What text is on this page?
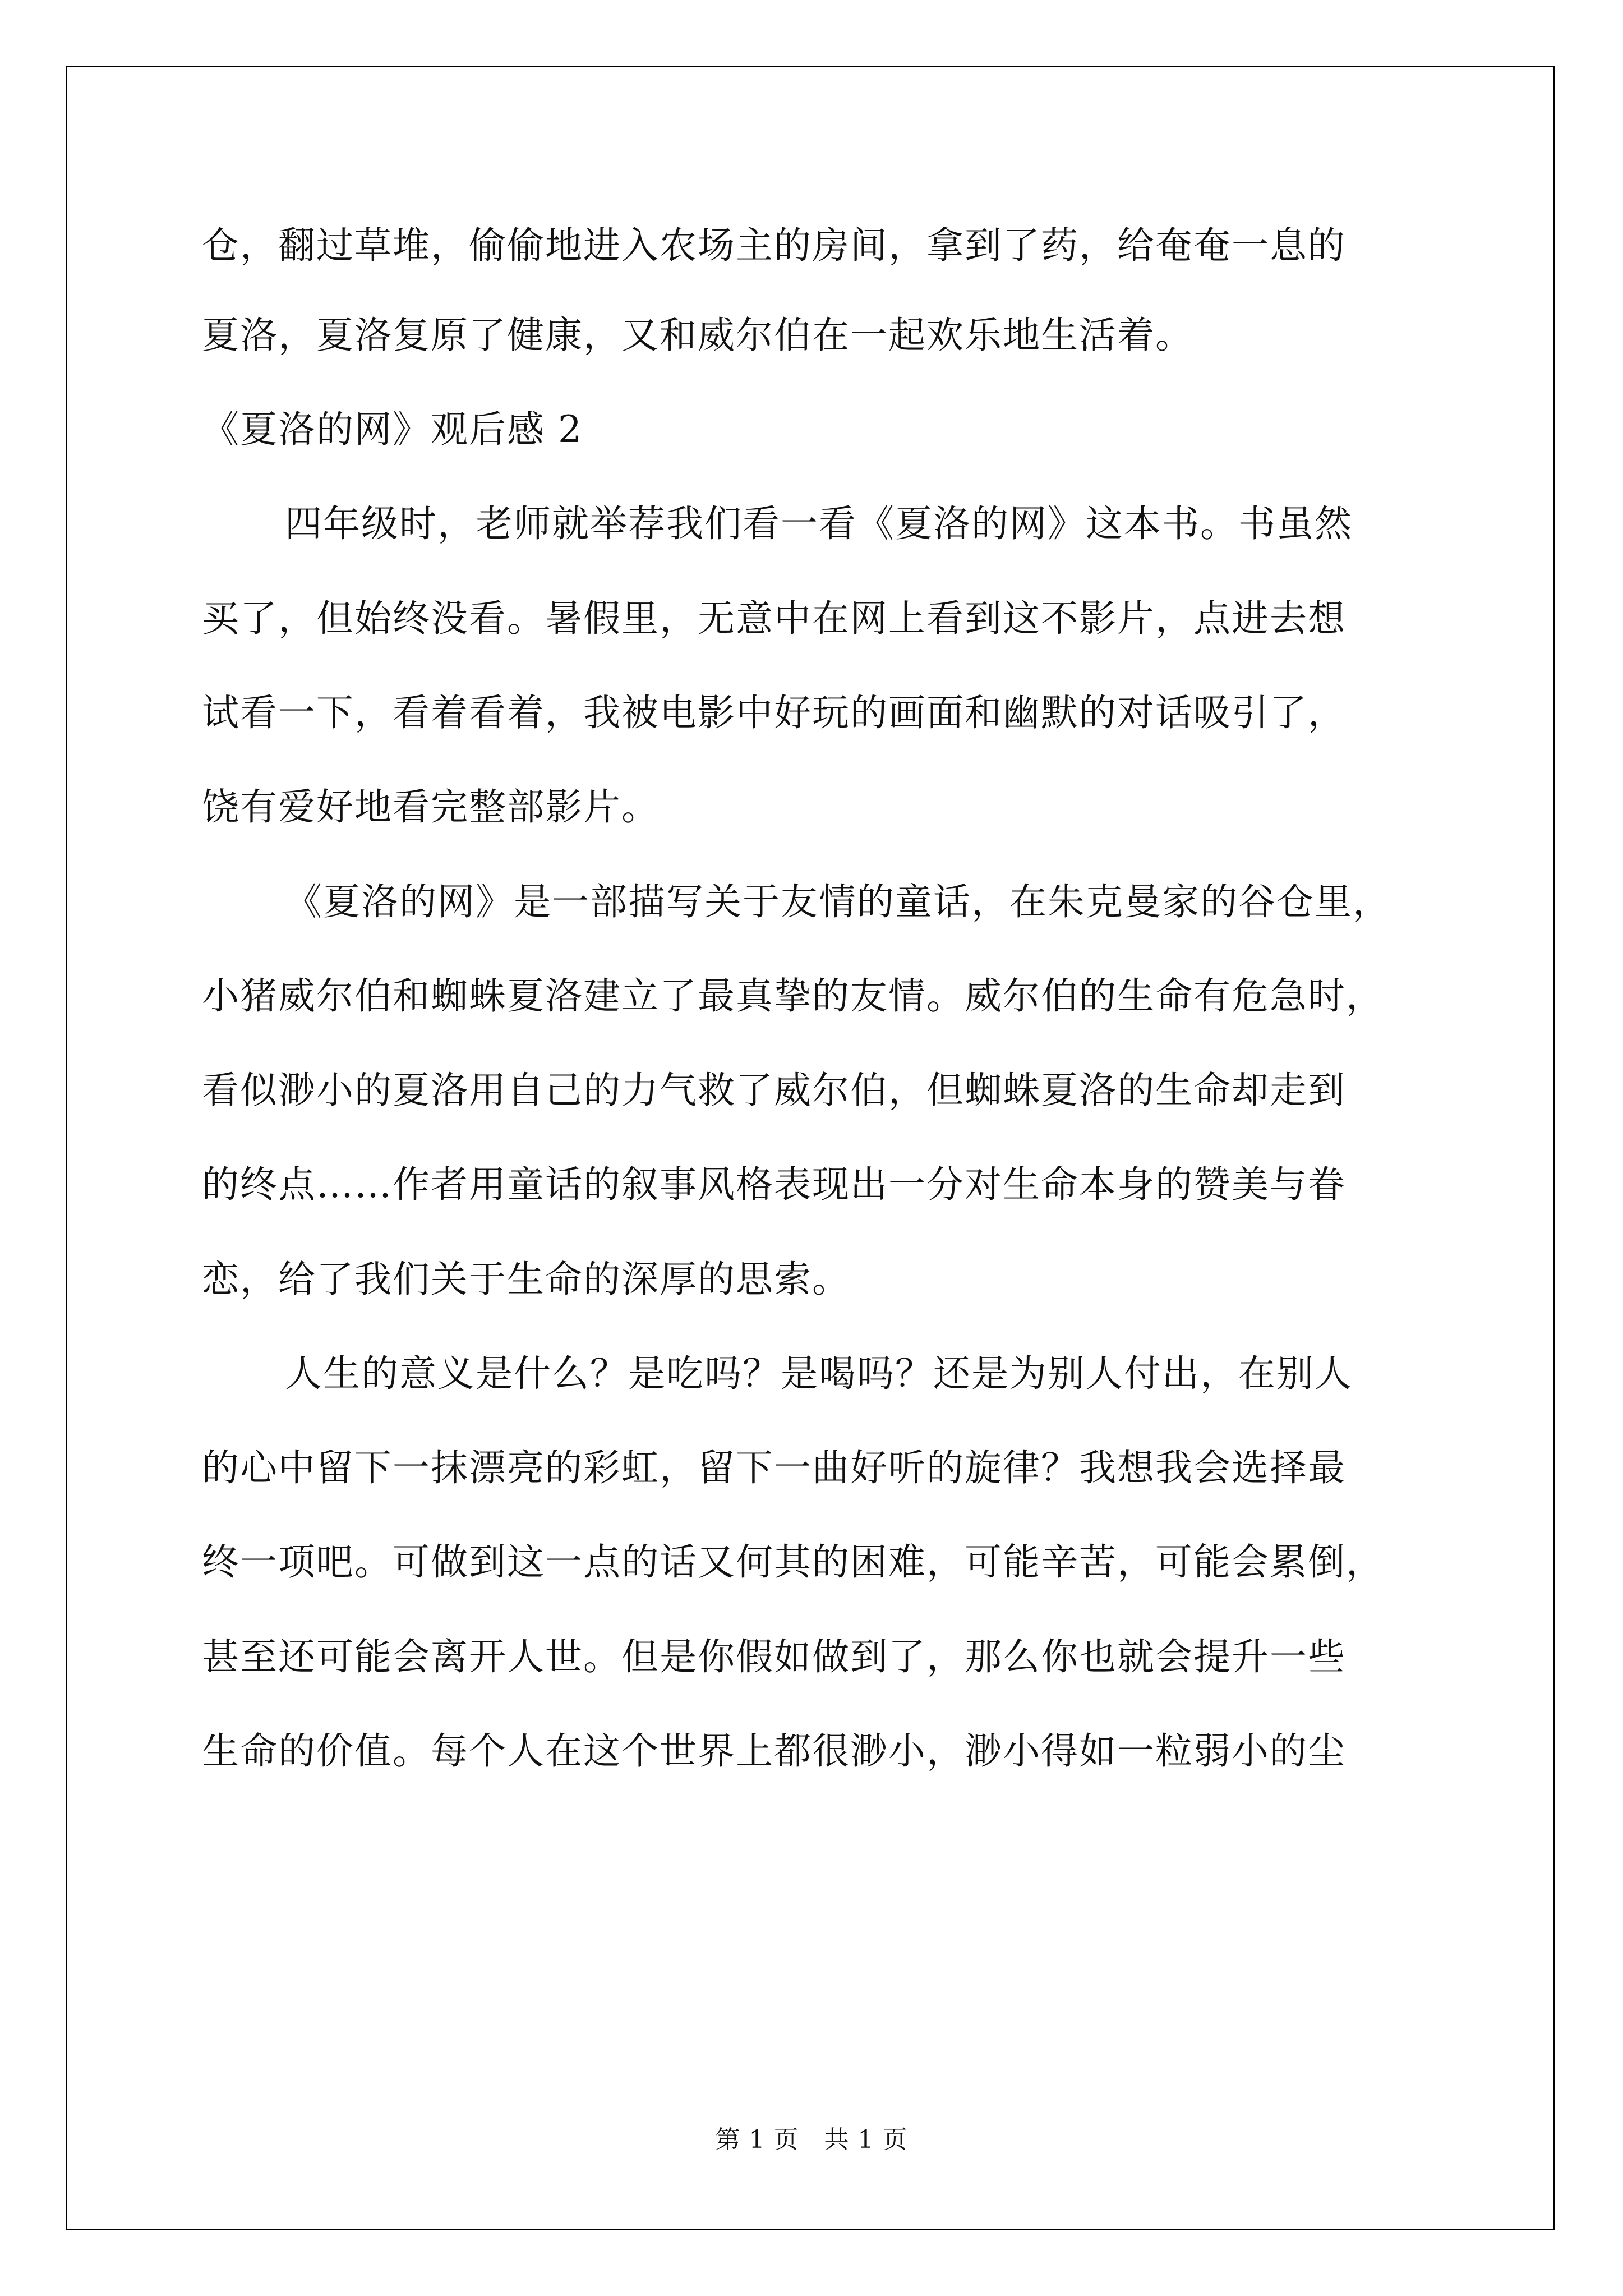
仓，翻过草堆，偷偷地进入农场主的房间，拿到了药，给奄奄一息的
夏洛，夏洛复原了健康，又和威尔伯在一起欢乐地生活着。
《夏洛的网》观后感 2
四年级时，老师就举荐我们看一看《夏洛的网》这本书。书虽然
买了，但始终没看。暑假里，无意中在网上看到这不影片，点进去想
试看一下，看着看着，我被电影中好玩的画面和幽默的对话吸引了，
饶有爱好地看完整部影片。
《夏洛的网》是一部描写关于友情的童话，在朱克曼家的谷仓里，
小猪威尔伯和蜘蛛夏洛建立了最真挚的友情。威尔伯的生命有危急时，
看似渺小的夏洛用自己的力气救了威尔伯，但蜘蛛夏洛的生命却走到
的终点……作者用童话的叙事风格表现出一分对生命本身的赞美与眷
恋，给了我们关于生命的深厚的思索。
人生的意义是什么？是吃吗？是喝吗？还是为别人付出，在别人
的心中留下一抹漂亮的彩虹，留下一曲好听的旋律？我想我会选择最
终一项吧。可做到这一点的话又何其的困难，可能辛苦，可能会累倒，
甚至还可能会离开人世。但是你假如做到了，那么你也就会提升一些
生命的价值。每个人在这个世界上都很渺小，渺小得如一粒弱小的尘
第 1 页　共 1 页
